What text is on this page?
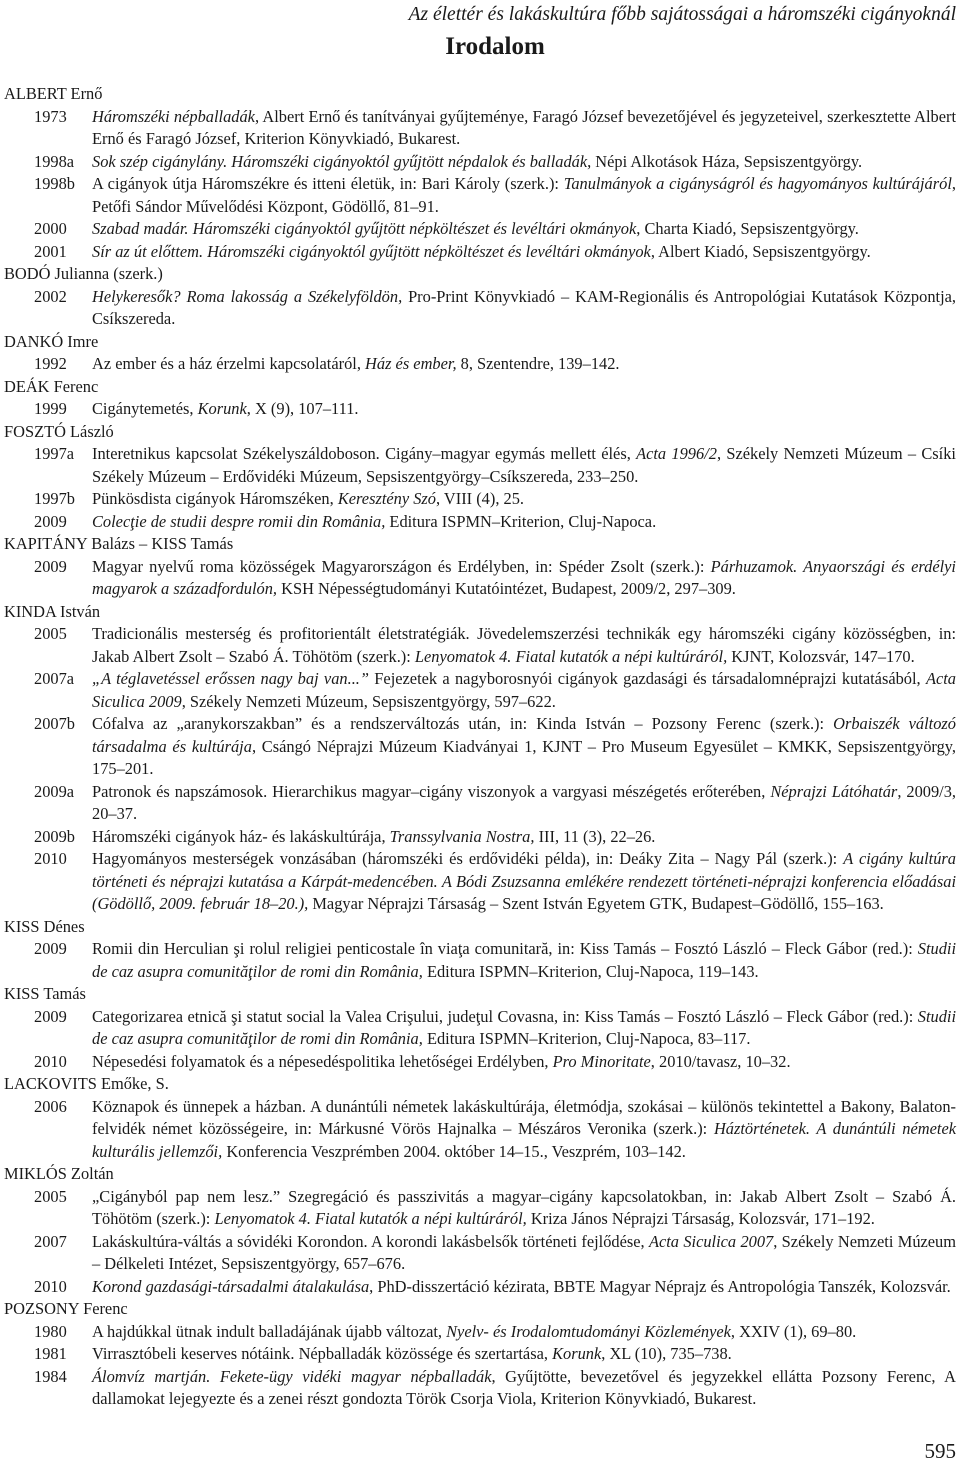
Az élettér és lakáskultúra főbb sajátosságai a háromszéki cigányoknál
Irodalom
ALBERT Ernő
1973	Háromszéki népballadák, Albert Ernő és tanítványai gyűjteménye, Faragó József bevezetőjével és jegyzeteivel, szerkesztette Albert Ernő és Faragó József, Kriterion Könyvkiadó, Bukarest.
1998a	Sok szép cigánylány. Háromszéki cigányoktól gyűjtött népdalok és balladák, Népi Alkotások Háza, Sepsiszentgyörgy.
1998b	A cigányok útja Háromszékre és itteni életük, in: Bari Károly (szerk.): Tanulmányok a cigányságról és hagyományos kultúrájáról, Petőfi Sándor Művelődési Központ, Gödöllő, 81–91.
2000	Szabad madár. Háromszéki cigányoktól gyűjtött népköltészet és levéltári okmányok, Charta Kiadó, Sepsiszentgyörgy.
2001	Sír az út előttem. Háromszéki cigányoktól gyűjtött népköltészet és levéltári okmányok, Albert Kiadó, Sepsiszentgyörgy.
BODÓ Julianna (szerk.)
2002	Helykeresők? Roma lakosság a Székelyföldön, Pro-Print Könyvkiadó – KAM-Regionális és Antropológiai Kutatások Központja, Csíkszereda.
DANKÓ Imre
1992	Az ember és a ház érzelmi kapcsolatáról, Ház és ember, 8, Szentendre, 139–142.
DEÁK Ferenc
1999	Cigánytemetés, Korunk, X (9), 107–111.
FOSZTÓ László
1997a	Interetnikus kapcsolat Székelyszáldoboson. Cigány–magyar egymás mellett élés, Acta 1996/2, Székely Nemzeti Múzeum – Csíki Székely Múzeum – Erdővidéki Múzeum, Sepsiszentgyörgy–Csíkszereda, 233–250.
1997b	Pünkösdista cigányok Háromszéken, Keresztény Szó, VIII (4), 25.
2009	Colecţie de studii despre romii din România, Editura ISPMN–Kriterion, Cluj-Napoca.
KAPITÁNY Balázs – KISS Tamás
2009	Magyar nyelvű roma közösségek Magyarországon és Erdélyben, in: Spéder Zsolt (szerk.): Párhuzamok. Anyaországi és erdélyi magyarok a századfordulón, KSH Népességtudományi Kutatóintézet, Budapest, 2009/2, 297–309.
KINDA István
2005	Tradicionális mesterség és profitorientált életstratégiák. Jövedelemszerzési technikák egy háromszéki cigány közösségben, in: Jakab Albert Zsolt – Szabó Á. Töhötöm (szerk.): Lenyomatok 4. Fiatal kutatók a népi kultúráról, KJNT, Kolozsvár, 147–170.
2007a	„A téglavetéssel erőssen nagy baj van...” Fejezetek a nagyborosnyói cigányok gazdasági és társadalomnéprajzi kutatásából, Acta Siculica 2009, Székely Nemzeti Múzeum, Sepsiszentgyörgy, 597–622.
2007b	Cófalva az „aranykorszakban” és a rendszerváltozás után, in: Kinda István – Pozsony Ferenc (szerk.): Orbaiszék változó társadalma és kultúrája, Csángó Néprajzi Múzeum Kiadványai 1, KJNT – Pro Museum Egyesület – KMKK, Sepsiszentgyörgy, 175–201.
2009a	Patronok és napszámosok. Hierarchikus magyar–cigány viszonyok a vargyasi mészégetés erőterében, Néprajzi Látóhatár, 2009/3, 20–37.
2009b	Háromszéki cigányok ház- és lakáskultúrája, Transsylvania Nostra, III, 11 (3), 22–26.
2010	Hagyományos mesterségek vonzásában (háromszéki és erdővidéki példa), in: Deáky Zita – Nagy Pál (szerk.): A cigány kultúra történeti és néprajzi kutatása a Kárpát-medencében. A Bódi Zsuzsanna emlékére rendezett történeti-néprajzi konferencia előadásai (Gödöllő, 2009. február 18–20.), Magyar Néprajzi Társaság – Szent István Egyetem GTK, Budapest–Gödöllő, 155–163.
KISS Dénes
2009	Romii din Herculian şi rolul religiei penticostale în viaţa comunitară, in: Kiss Tamás – Fosztó László – Fleck Gábor (red.): Studii de caz asupra comunităţilor de romi din România, Editura ISPMN–Kriterion, Cluj-Napoca, 119–143.
KISS Tamás
2009	Categorizarea etnică şi statut social la Valea Crişului, judeţul Covasna, in: Kiss Tamás – Fosztó László – Fleck Gábor (red.): Studii de caz asupra comunităţilor de romi din România, Editura ISPMN–Kriterion, Cluj-Napoca, 83–117.
2010	Népesedési folyamatok és a népesedéspolitika lehetőségei Erdélyben, Pro Minoritate, 2010/tavasz, 10–32.
LACKOVITS Emőke, S.
2006	Köznapok és ünnepek a házban. A dunántúli németek lakáskultúrája, életmódja, szokásai – különös tekintettel a Bakony, Balaton-felvidék német közösségeire, in: Márkusné Vörös Hajnalka – Mészáros Veronika (szerk.): Háztörténetek. A dunántúli németek kulturális jellemzői, Konferencia Veszprémben 2004. október 14–15., Veszprém, 103–142.
MIKLÓS Zoltán
2005	„Cigányból pap nem lesz.” Szegregáció és passzivitás a magyar–cigány kapcsolatokban, in: Jakab Albert Zsolt – Szabó Á. Töhötöm (szerk.): Lenyomatok 4. Fiatal kutatók a népi kultúráról, Kriza János Néprajzi Társaság, Kolozsvár, 171–192.
2007	Lakáskultúra-váltás a sóvidéki Korondon. A korondi lakásbelsők történeti fejlődése, Acta Siculica 2007, Székely Nemzeti Múzeum – Délkeleti Intézet, Sepsiszentgyörgy, 657–676.
2010	Korond gazdasági-társadalmi átalakulása, PhD-disszertáció kézirata, BBTE Magyar Néprajz és Antropológia Tanszék, Kolozsvár.
POZSONY Ferenc
1980	A hajdúkkal ütnak indult balladájának újabb változat, Nyelv- és Irodalomtudományi Közlemények, XXIV (1), 69–80.
1981	Virrasztóbeli keserves nótáink. Népballadák közössége és szertartása, Korunk, XL (10), 735–738.
1984	Álomvíz martján. Fekete-ügy vidéki magyar népballadák, Gyűjtötte, bevezetővel és jegyzekkel ellátta Pozsony Ferenc, A dallamokat lejegyezte és a zenei részt gondozta Török Csorja Viola, Kriterion Könyvkiadó, Bukarest.
595
